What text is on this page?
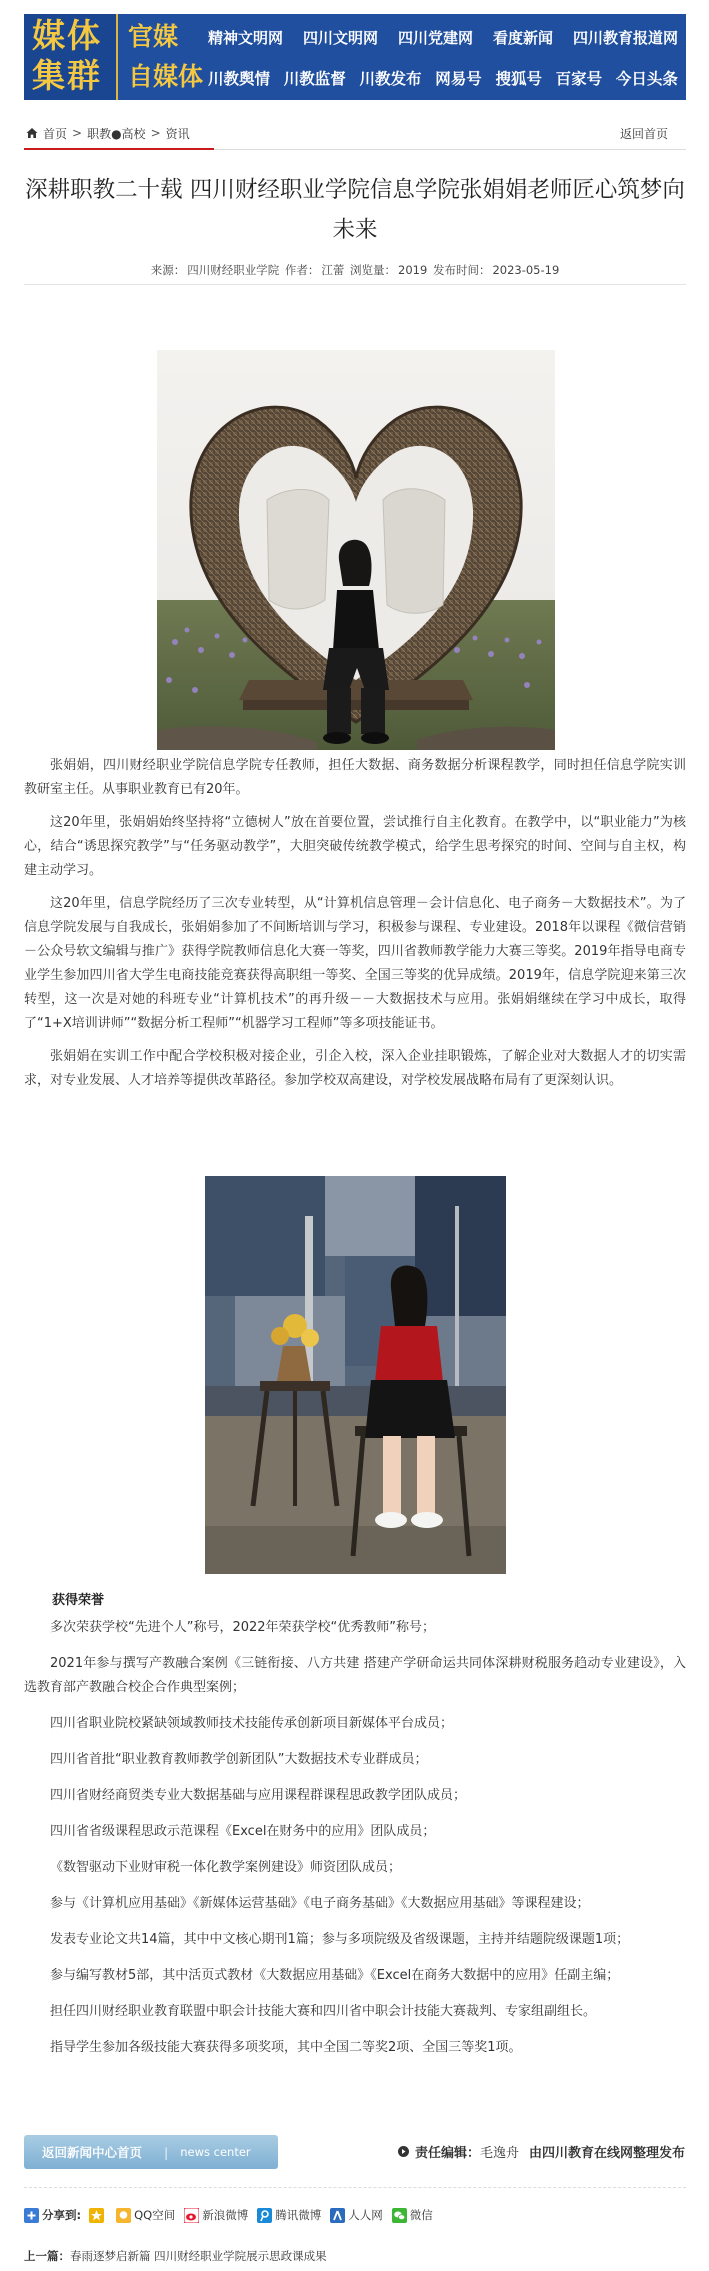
媒体
集群
官媒
自媒体
精神文明网 四川文明网 四川党建网 看度新闻 四川教育报道网
川教舆情 川教监督 川教发布 网易号 搜狐号 百家号 今日头条
首页 > 职教●高校 > 资讯	返回首页
深耕职教二十载 四川财经职业学院信息学院张娟娟老师匠心筑梦向未来
来源： 四川财经职业学院 作者： 江蕾 浏览量： 2019 发布时间： 2023-05-19

张娟娟，四川财经职业学院信息学院专任教师，担任大数据、商务数据分析课程教学，同时担任信息学院实训教研室主任。从事职业教育已有20年。

这20年里，张娟娟始终坚持将“立德树人”放在首要位置，尝试推行自主化教育。在教学中，以“职业能力”为核心，结合“诱思探究教学”与“任务驱动教学”，大胆突破传统教学模式，给学生思考探究的时间、空间与自主权，构建主动学习。

这20年里，信息学院经历了三次专业转型，从“计算机信息管理－会计信息化、电子商务－大数据技术”。为了信息学院发展与自我成长，张娟娟参加了不间断培训与学习，积极参与课程、专业建设。2018年以课程《微信营销－公众号软文编辑与推广》获得学院教师信息化大赛一等奖，四川省教师教学能力大赛三等奖。2019年指导电商专业学生参加四川省大学生电商技能竞赛获得高职组一等奖、全国三等奖的优异成绩。2019年，信息学院迎来第三次转型，这一次是对她的科班专业“计算机技术”的再升级－－大数据技术与应用。张娟娟继续在学习中成长，取得了“1+X培训讲师”“数据分析工程师”“机器学习工程师”等多项技能证书。

张娟娟在实训工作中配合学校积极对接企业，引企入校，深入企业挂职锻炼，了解企业对大数据人才的切实需求，对专业发展、人才培养等提供改革路径。参加学校双高建设，对学校发展战略布局有了更深刻认识。

获得荣誉

多次荣获学校“先进个人”称号，2022年荣获学校“优秀教师”称号；

2021年参与撰写产教融合案例《三链衔接、八方共建 搭建产学研命运共同体深耕财税服务趋动专业建设》，入选教育部产教融合校企合作典型案例；

四川省职业院校紧缺领域教师技术技能传承创新项目新媒体平台成员；

四川省首批“职业教育教师教学创新团队”大数据技术专业群成员；

四川省财经商贸类专业大数据基础与应用课程群课程思政教学团队成员；

四川省省级课程思政示范课程《Excel在财务中的应用》团队成员；

《数智驱动下业财审税一体化教学案例建设》师资团队成员；

参与《计算机应用基础》《新媒体运营基础》《电子商务基础》《大数据应用基础》等课程建设；

发表专业论文共14篇，其中中文核心期刊1篇；参与多项院级及省级课题，主持并结题院级课题1项；

参与编写教材5部，其中活页式教材《大数据应用基础》《Excel在商务大数据中的应用》任副主编；

担任四川财经职业教育联盟中职会计技能大赛和四川省中职会计技能大赛裁判、专家组副组长。

指导学生参加各级技能大赛获得多项奖项，其中全国二等奖2项、全国三等奖1项。

返回新闻中心首页 | news center	责任编辑： 毛逸舟 由四川教育在线网整理发布
分享到:	QQ空间 新浪微博 腾讯微博 人人网 微信
上一篇：春雨逐梦启新篇 四川财经职业学院展示思政课成果
